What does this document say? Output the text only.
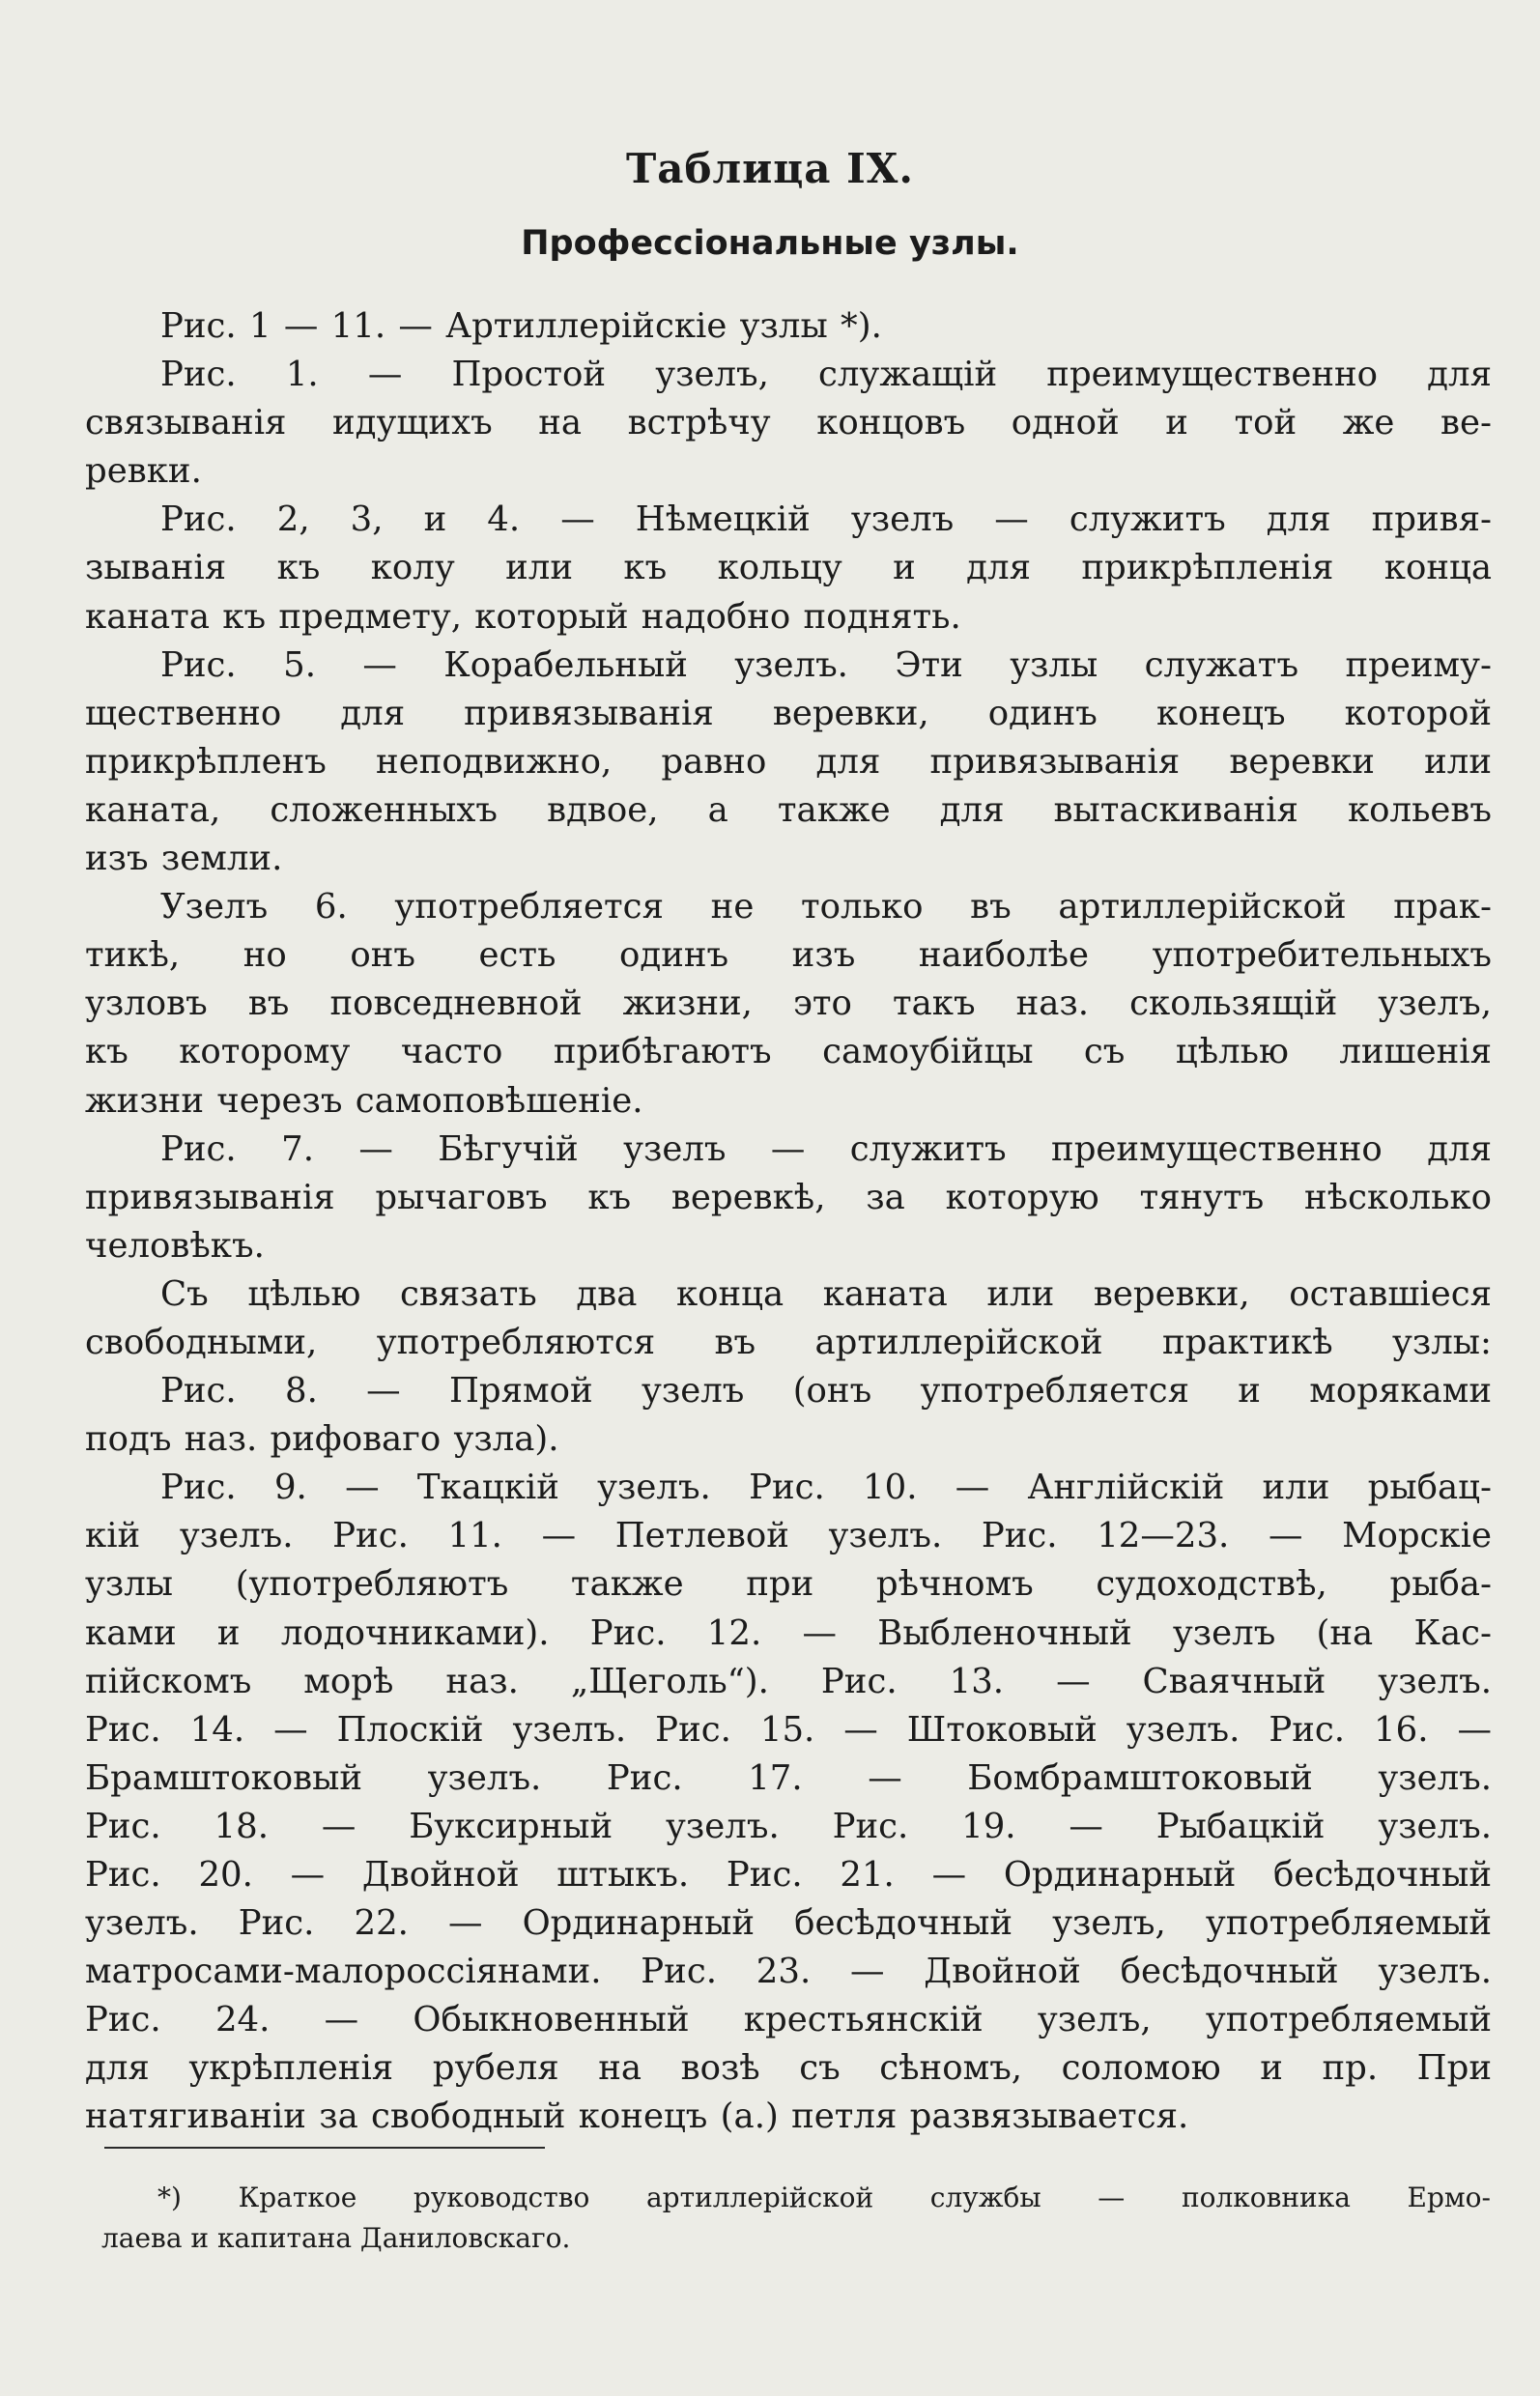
Таблица IX.
Професcіональные узлы.
Рис. 1 — 11. — Артиллерійскіе узлы *).
Рис. 1. — Простой узелъ, служащій преимущественно для
связыванія идущихъ на встрѣчу концовъ одной и той же ве-
ревки.
Рис. 2, 3, и 4. — Нѣмецкій узелъ — служитъ для привя-
зыванія къ колу или къ кольцу и для прикрѣпленія конца
каната къ предмету, который надобно поднять.
Рис. 5. — Корабельный узелъ. Эти узлы служатъ преиму-
щественно для привязыванія веревки, одинъ конецъ которой
прикрѣпленъ неподвижно, равно для привязыванія веревки или
каната, сложенныхъ вдвое, а также для вытаскиванія кольевъ
изъ земли.
Узелъ 6. употребляется не только въ артиллерійской прак-
тикѣ, но онъ есть одинъ изъ наиболѣе употребительныхъ
узловъ въ повседневной жизни, это такъ наз. скользящій узелъ,
къ которому часто прибѣгаютъ самоубійцы съ цѣлью лишенія
жизни черезъ самоповѣшеніе.
Рис. 7. — Бѣгучій узелъ — служитъ преимущественно для
привязыванія рычаговъ къ веревкѣ, за которую тянутъ нѣсколько
человѣкъ.
Съ цѣлью связать два конца каната или веревки, оставшіеся
свободными, употребляются въ артиллерійской практикѣ узлы:
Рис. 8. — Прямой узелъ (онъ употребляется и моряками
подъ наз. рифоваго узла).
Рис. 9. — Ткацкій узелъ. Рис. 10. — Англійскій или рыбац-
кій узелъ. Рис. 11. — Петлевой узелъ. Рис. 12—23. — Морскіе
узлы (употребляютъ также при рѣчномъ судоходствѣ, рыба-
ками и лодочниками). Рис. 12. — Выбленочный узелъ (на Кас-
пійскомъ морѣ наз. „Щеголь“). Рис. 13. — Сваячный узелъ.
Рис. 14. — Плоскій узелъ. Рис. 15. — Штоковый узелъ. Рис. 16. —
Брамштоковый узелъ. Рис. 17. — Бомбрамштоковый узелъ.
Рис. 18. — Буксирный узелъ. Рис. 19. — Рыбацкій узелъ.
Рис. 20. — Двойной штыкъ. Рис. 21. — Ординарный бесѣдочный
узелъ. Рис. 22. — Ординарный бесѣдочный узелъ, употребляемый
матросами-малороссіянами. Рис. 23. — Двойной бесѣдочный узелъ.
Рис. 24. — Обыкновенный крестьянскій узелъ, употребляемый
для укрѣпленія рубеля на возѣ съ сѣномъ, соломою и пр. При
натягиваніи за свободный конецъ (а.) петля развязывается.
*) Краткое руководство артиллерійской службы — полковника Ермо-
лаева и капитана Даниловскаго.
